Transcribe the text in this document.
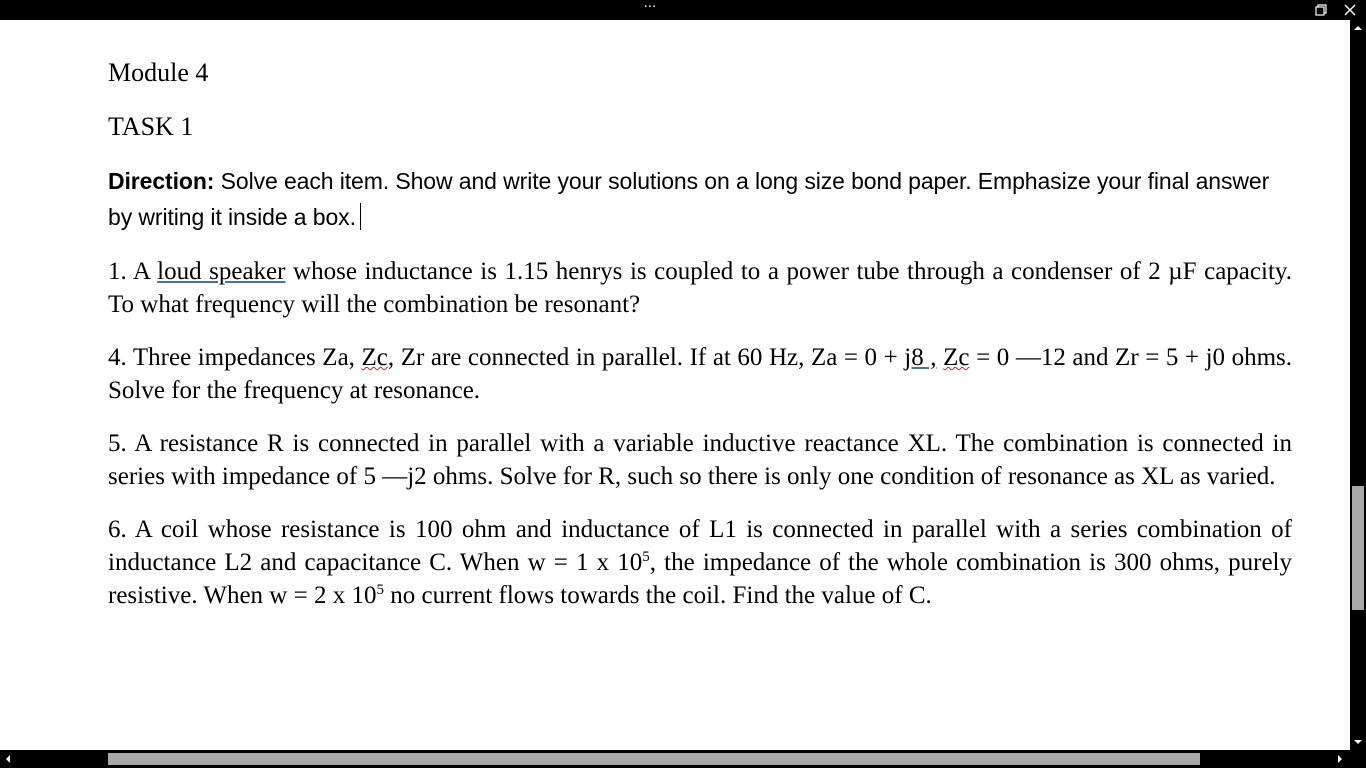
···

Module 4

TASK 1

Direction: Solve each item. Show and write your solutions on a long size bond paper. Emphasize your final answer by writing it inside a box.

1. A loud speaker whose inductance is 1.15 henrys is coupled to a power tube through a condenser of 2 µF capacity. To what frequency will the combination be resonant?

4. Three impedances Za, Zc, Zr are connected in parallel. If at 60 Hz, Za = 0 + j8 , Zc = 0 —12 and Zr = 5 + j0 ohms. Solve for the frequency at resonance.

5. A resistance R is connected in parallel with a variable inductive reactance XL. The combination is connected in series with impedance of 5 —j2 ohms. Solve for R, such so there is only one condition of resonance as XL as varied.

6. A coil whose resistance is 100 ohm and inductance of L1 is connected in parallel with a series combination of inductance L2 and capacitance C. When w = 1 x $10^5$, the impedance of the whole combination is 300 ohms, purely resistive. When w = 2 x $10^5$ no current flows towards the coil. Find the value of C.
